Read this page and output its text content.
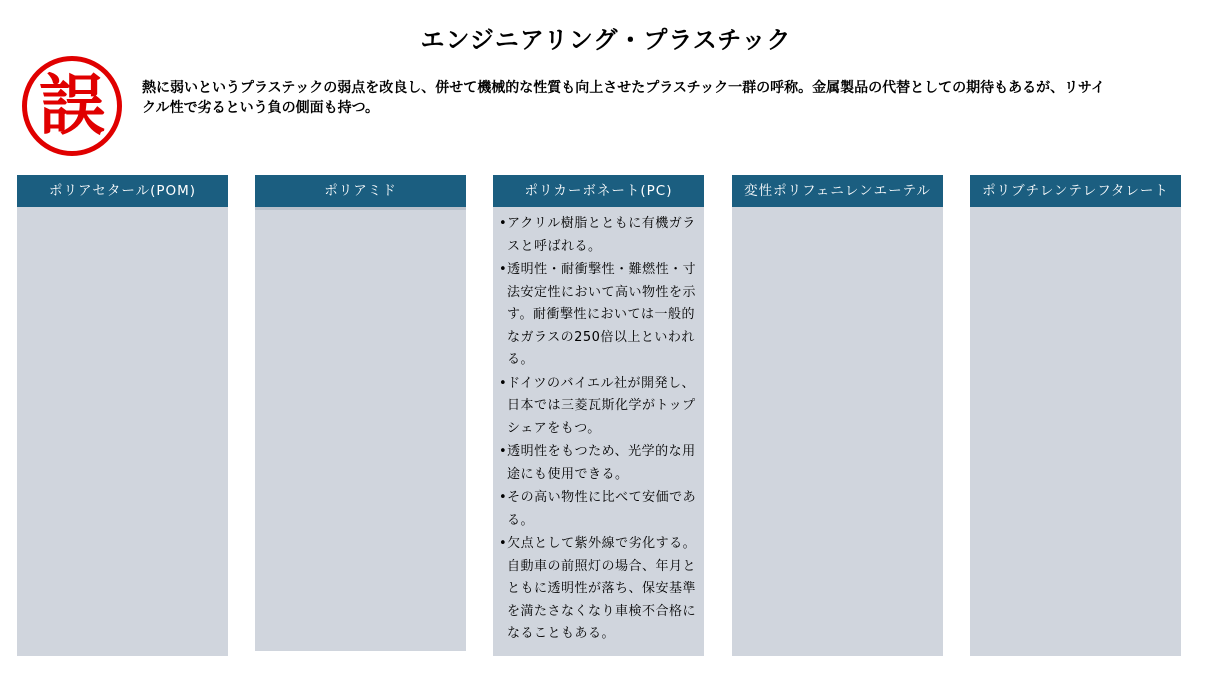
エンジニアリング・プラスチック
誤	熱に弱いというプラステックの弱点を改良し、併せて機械的な性質も向上させたプラスチック一群の呼称。金属製品の代替としての期待もあるが、リサイクル性で劣るという負の側面も持つ。
ポリアセタール(POM)	ポリアミド	ポリカーボネート(PC)
•アクリル樹脂とともに有機ガラスと呼ばれる。
•透明性・耐衝撃性・難燃性・寸法安定性において高い物性を示す。耐衝撃性においては一般的なガラスの250倍以上といわれる。
•ドイツのバイエル社が開発し、日本では三菱瓦斯化学がトップシェアをもつ。
•透明性をもつため、光学的な用途にも使用できる。
•その高い物性に比べて安価である。
•欠点として紫外線で劣化する。自動車の前照灯の場合、年月とともに透明性が落ち、保安基準を満たさなくなり車検不合格になることもある。
変性ポリフェニレンエーテル	ポリブチレンテレフタレート
